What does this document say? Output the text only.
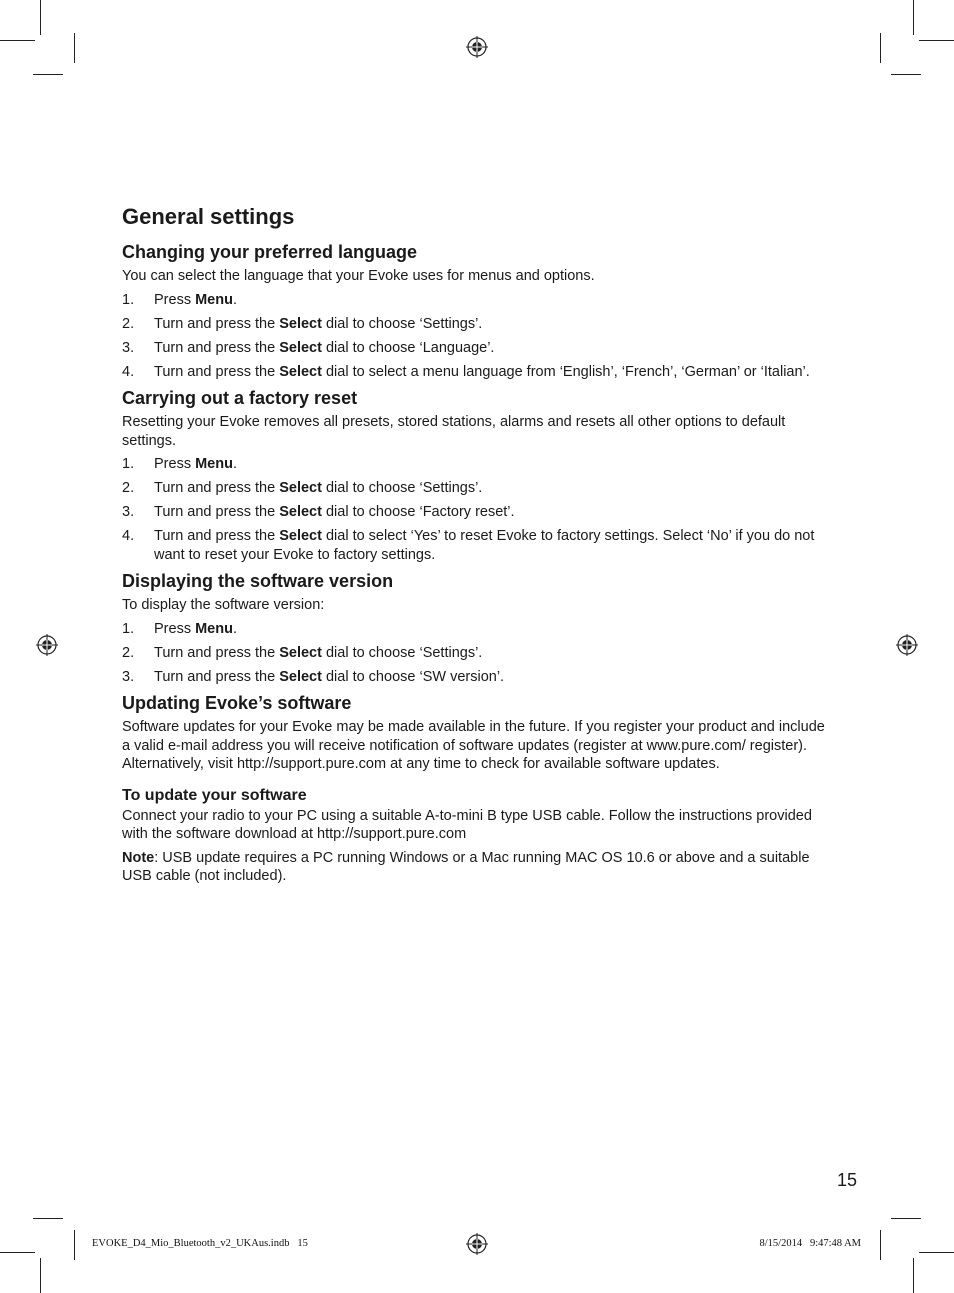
General settings
Changing your preferred language

You can select the language that your Evoke uses for menus and options.

1. Press Menu.
2. Turn and press the Select dial to choose ‘Settings’.
3. Turn and press the Select dial to choose ‘Language’.
4. Turn and press the Select dial to select a menu language from ‘English’, ‘French’, ‘German’ or ‘Italian’.
Carrying out a factory reset

Resetting your Evoke removes all presets, stored stations, alarms and resets all other options to default settings.

1. Press Menu.
2. Turn and press the Select dial to choose ‘Settings’.
3. Turn and press the Select dial to choose ‘Factory reset’.
4. Turn and press the Select dial to select ‘Yes’ to reset Evoke to factory settings. Select ‘No’ if you do not want to reset your Evoke to factory settings.
Displaying the software version

To display the software version:

1. Press Menu.
2. Turn and press the Select dial to choose ‘Settings’.
3. Turn and press the Select dial to choose ‘SW version’.
Updating Evoke’s software

Software updates for your Evoke may be made available in the future. If you register your product and include a valid e-mail address you will receive notification of software updates (register at www.pure.com/ register). Alternatively, visit http://support.pure.com at any time to check for available software updates.

To update your software

Connect your radio to your PC using a suitable A-to-mini B type USB cable. Follow the instructions provided with the software download at http://support.pure.com

Note: USB update requires a PC running Windows or a Mac running MAC OS 10.6 or above and a suitable USB cable (not included).

15
EVOKE_D4_Mio_Bluetooth_v2_UKAus.indb   15	8/15/2014   9:47:48 AM
